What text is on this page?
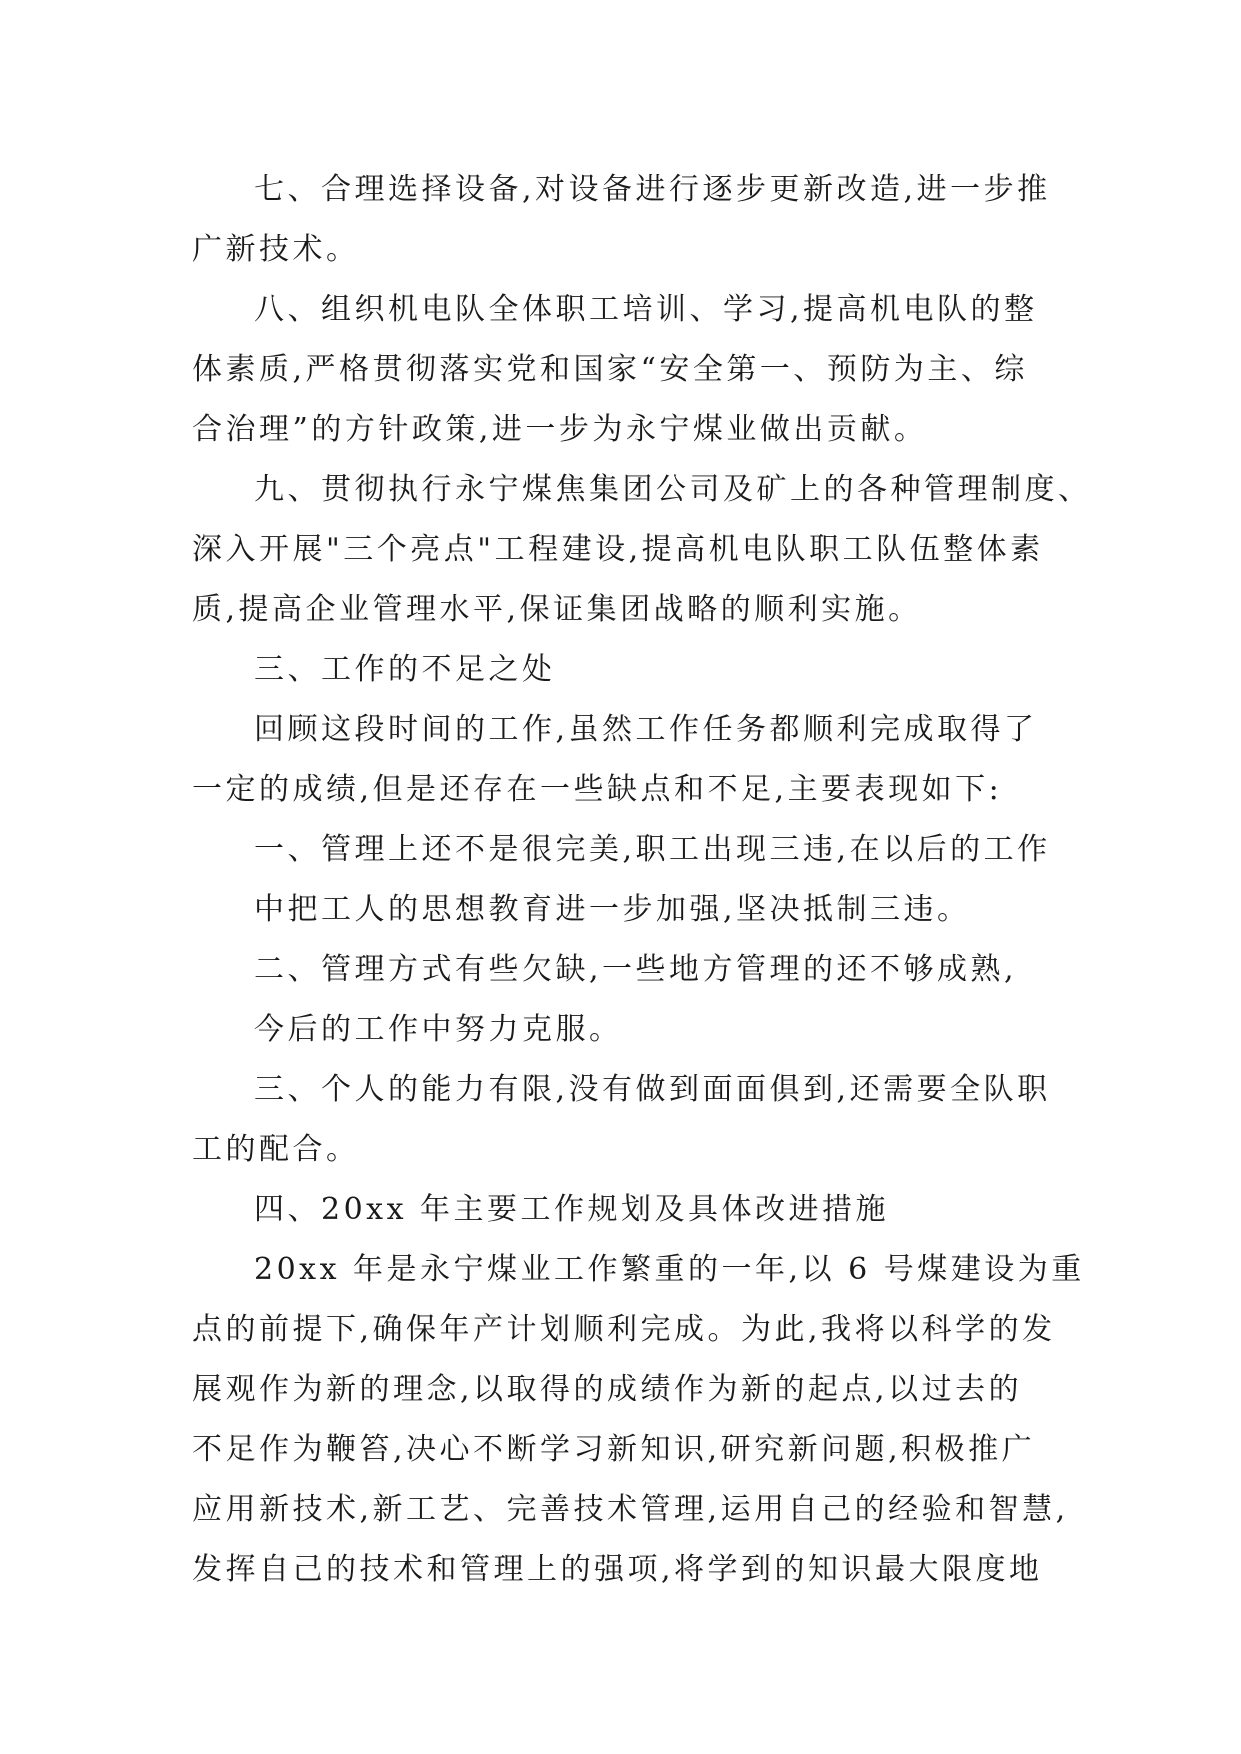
七、合理选择设备,对设备进行逐步更新改造,进一步推
广新技术。
八、组织机电队全体职工培训、学习,提高机电队的整
体素质,严格贯彻落实党和国家“安全第一、预防为主、综
合治理”的方针政策,进一步为永宁煤业做出贡献。
九、贯彻执行永宁煤焦集团公司及矿上的各种管理制度、
深入开展"三个亮点"工程建设,提高机电队职工队伍整体素
质,提高企业管理水平,保证集团战略的顺利实施。
三、工作的不足之处
回顾这段时间的工作,虽然工作任务都顺利完成取得了
一定的成绩,但是还存在一些缺点和不足,主要表现如下:
一、管理上还不是很完美,职工出现三违,在以后的工作
中把工人的思想教育进一步加强,坚决抵制三违。
二、管理方式有些欠缺,一些地方管理的还不够成熟,
今后的工作中努力克服。
三、个人的能力有限,没有做到面面俱到,还需要全队职
工的配合。
四、20xx 年主要工作规划及具体改进措施
20xx 年是永宁煤业工作繁重的一年,以 6 号煤建设为重
点的前提下,确保年产计划顺利完成。为此,我将以科学的发
展观作为新的理念,以取得的成绩作为新的起点,以过去的
不足作为鞭笞,决心不断学习新知识,研究新问题,积极推广
应用新技术,新工艺、完善技术管理,运用自己的经验和智慧,
发挥自己的技术和管理上的强项,将学到的知识最大限度地
